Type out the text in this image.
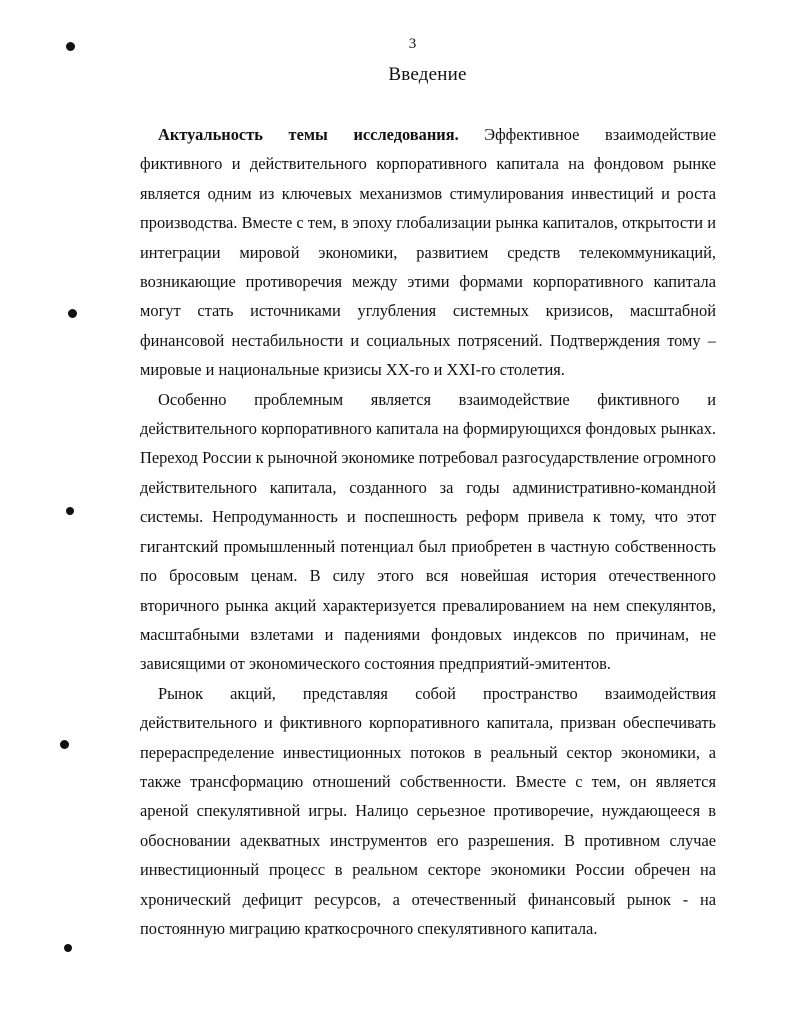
3
Введение

Актуальность темы исследования. Эффективное взаимодействие фиктивного и действительного корпоративного капитала на фондовом рынке является одним из ключевых механизмов стимулирования инвестиций и роста производства. Вместе с тем, в эпоху глобализации рынка капиталов, открытости и интеграции мировой экономики, развитием средств телекоммуникаций, возникающие противоречия между этими формами корпоративного капитала могут стать источниками углубления системных кризисов, масштабной финансовой нестабильности и социальных потрясений. Подтверждения тому – мировые и национальные кризисы XX-го и XXI-го столетия.

Особенно проблемным является взаимодействие фиктивного и действительного корпоративного капитала на формирующихся фондовых рынках. Переход России к рыночной экономике потребовал разгосударствление огромного действительного капитала, созданного за годы административно-командной системы. Непродуманность и поспешность реформ привела к тому, что этот гигантский промышленный потенциал был приобретен в частную собственность по бросовым ценам. В силу этого вся новейшая история отечественного вторичного рынка акций характеризуется превалированием на нем спекулянтов, масштабными взлетами и падениями фондовых индексов по причинам, не зависящими от экономического состояния предприятий-эмитентов.

Рынок акций, представляя собой пространство взаимодействия действительного и фиктивного корпоративного капитала, призван обеспечивать перераспределение инвестиционных потоков в реальный сектор экономики, а также трансформацию отношений собственности. Вместе с тем, он является ареной спекулятивной игры. Налицо серьезное противоречие, нуждающееся в обосновании адекватных инструментов его разрешения. В противном случае инвестиционный процесс в реальном секторе экономики России обречен на хронический дефицит ресурсов, а отечественный финансовый рынок - на постоянную миграцию краткосрочного спекулятивного капитала.
